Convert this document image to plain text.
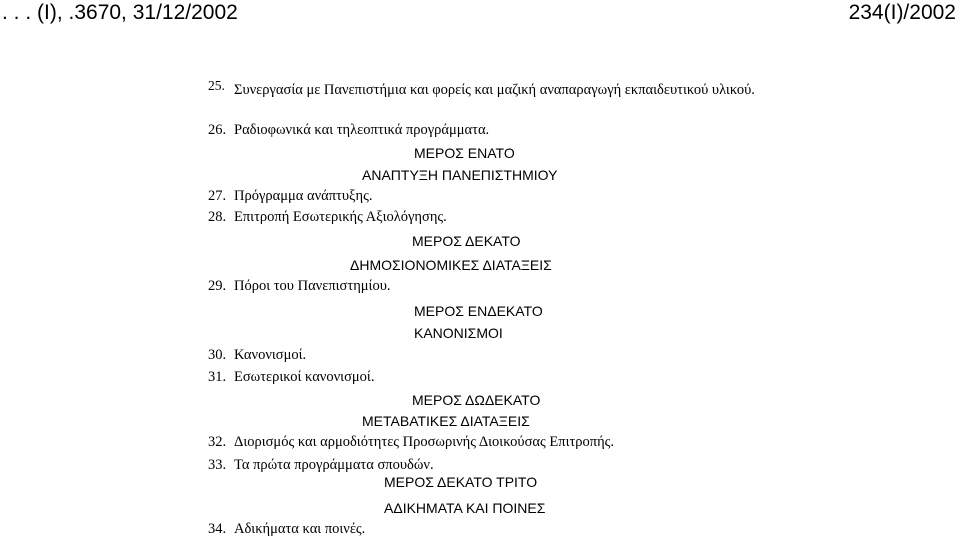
. . . (Ι), .3670, 31/12/2002	234(Ι)/2002
25. Συνεργασία με Πανεπιστήμια και φορείς και μαζική αναπαραγωγή εκπαιδευτικού υλικού.
26. Ραδιοφωνικά και τηλεοπτικά προγράμματα.
ΜΕΡΟΣ ΕΝΑΤΟ
ΑΝΑΠΤΥΞΗ ΠΑΝΕΠΙΣΤΗΜΙΟΥ
27. Πρόγραμμα ανάπτυξης.
28. Επιτροπή Εσωτερικής Αξιολόγησης.
ΜΕΡΟΣ ΔΕΚΑΤΟ
ΔΗΜΟΣΙΟΝΟΜΙΚΕΣ ΔΙΑΤΑΞΕΙΣ
29. Πόροι του Πανεπιστημίου.
ΜΕΡΟΣ ΕΝΔΕΚΑΤΟ
ΚΑΝΟΝΙΣΜΟΙ
30. Κανονισμοί.
31. Εσωτερικοί κανονισμοί.
ΜΕΡΟΣ ΔΩΔΕΚΑΤΟ
ΜΕΤΑΒΑΤΙΚΕΣ ΔΙΑΤΑΞΕΙΣ
32. Διορισμός και αρμοδιότητες Προσωρινής Διοικούσας Επιτροπής.
33. Τα πρώτα προγράμματα σπουδών.
ΜΕΡΟΣ ΔΕΚΑΤΟ ΤΡΙΤΟ
ΑΔΙΚΗΜΑΤΑ ΚΑΙ ΠΟΙΝΕΣ
34. Αδικήματα και ποινές.
